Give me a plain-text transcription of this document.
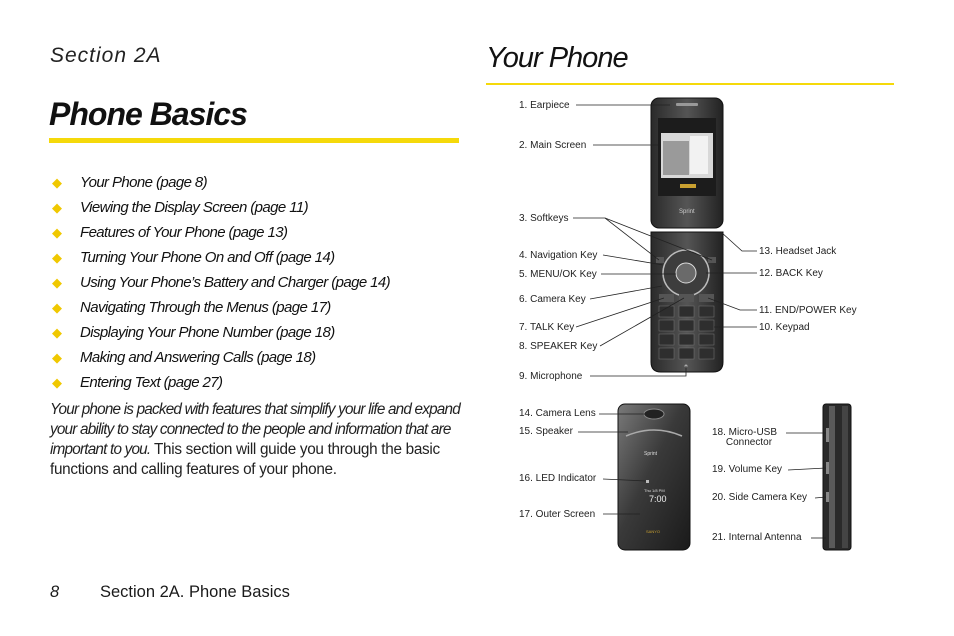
Section 2A
Phone Basics
◆	Your Phone (page 8)
◆	Viewing the Display Screen (page 11)
◆	Features of Your Phone (page 13)
◆	Turning Your Phone On and Off (page 14)
◆	Using Your Phone’s Battery and Charger (page 14)
◆	Navigating Through the Menus (page 17)
◆	Displaying Your Phone Number (page 18)
◆	Making and Answering Calls (page 18)
◆	Entering Text (page 27)
Your phone is packed with features that simplify your life and expand your ability to stay connected to the people and information that are important to you. This section will guide you through the basic functions and calling features of your phone.
8 Section 2A. Phone Basics
Your Phone
1. Earpiece
2. Main Screen
3. Softkeys
4. Navigation Key
5. MENU/OK Key
6. Camera Key
7. TALK Key
8. SPEAKER Key
9. Microphone
13. Headset Jack
12. BACK Key
11. END/POWER Key
10. Keypad
14. Camera Lens
15. Speaker
16. LED Indicator
17. Outer Screen
18. Micro-USB
Connector
19. Volume Key
20. Side Camera Key
21. Internal Antenna
Sprint
Sprint
Thu 1/8 PM
7:00
SANYO
